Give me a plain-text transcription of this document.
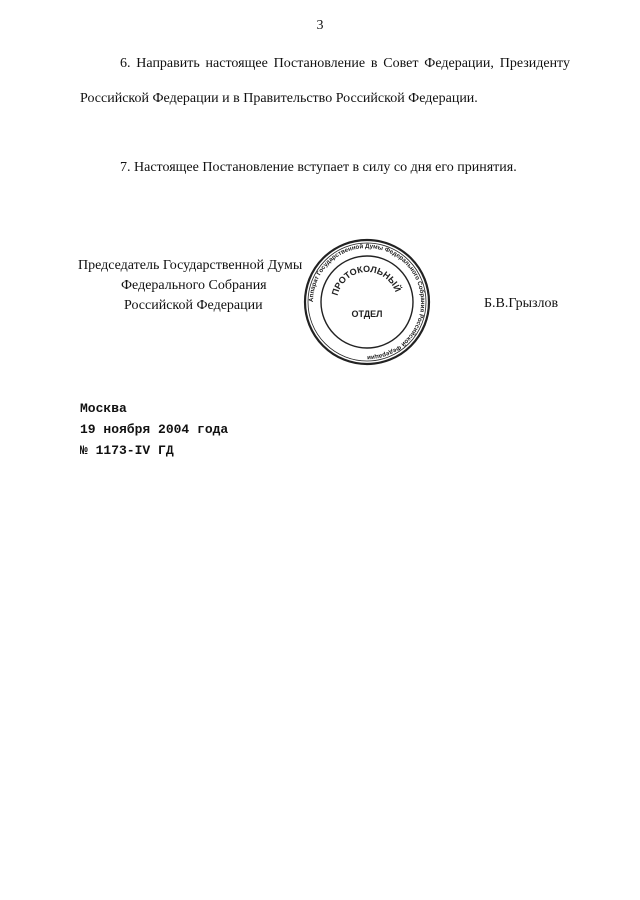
3
6. Направить настоящее Постановление в Совет Федерации, Президенту Российской Федерации и в Правительство Российской Федерации.
7. Настоящее Постановление вступает в силу со дня его принятия.
Председатель Государственной Думы
Федерального Собрания
Российской Федерации	Аппарат Государственной Думы Федерального Собрания Российской Федерации
ПРОТОКОЛЬНЫЙ
ОТДЕЛ
Б.В.Грызлов
Москва
19 ноября 2004 года
№ 1173-IV ГД
